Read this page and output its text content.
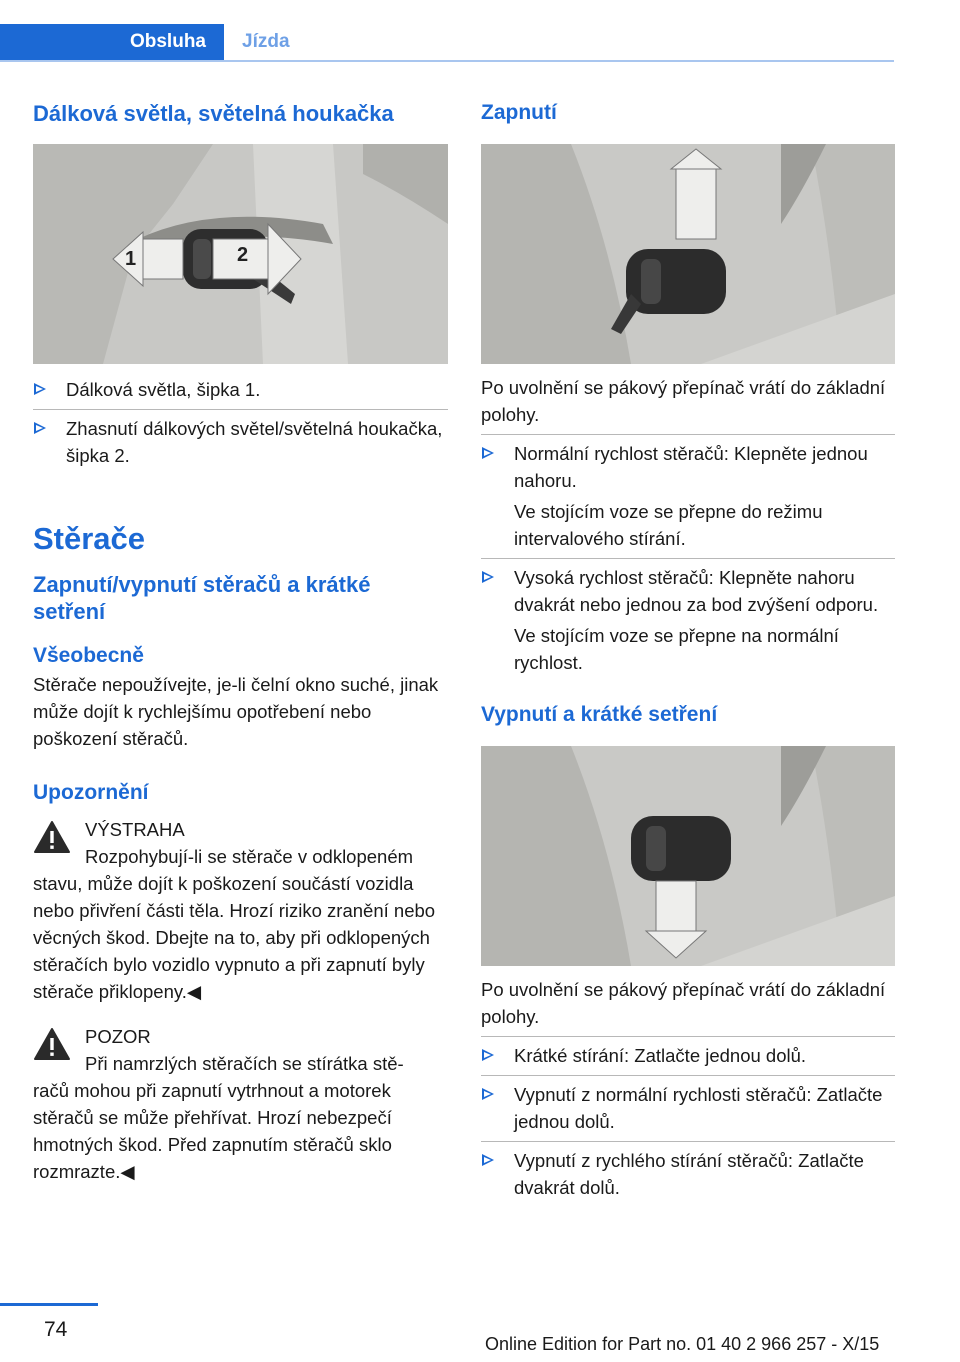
Obsluha	Jízda
Dálková světla, světelná houkačka
1	2
Dálková světla, šipka 1.
Zhasnutí dálkových světel/světelná houkačka, šipka 2.
Stěrače
Zapnutí/vypnutí stěračů a krátké setření
Všeobecně

Stěrače nepoužívejte, je-li čelní okno suché, jinak může dojít k rychlejšímu opotřebení nebo poškození stěračů.

Upozornění
VÝSTRAHA

Rozpohybují-li se stěrače v odklopeném

stavu, může dojít k poškození součástí vozidla nebo přivření části těla. Hrozí riziko zranění nebo věcných škod. Dbejte na to, aby při odklopených stěračích bylo vozidlo vypnuto a při zapnutí byly stěrače přiklopeny.◀

POZOR

Při namrzlých stěračích se stírátka stě-

račů mohou při zapnutí vytrhnout a motorek stěračů se může přehřívat. Hrozí nebezpečí hmotných škod. Před zapnutím stěračů sklo rozmrazte.◀

Zapnutí

Po uvolnění se pákový přepínač vrátí do základní polohy.

Normální rychlost stěračů: Klepněte jednou nahoru.
Ve stojícím voze se přepne do režimu intervalového stírání.
Vysoká rychlost stěračů: Klepněte nahoru dvakrát nebo jednou za bod zvýšení odporu.
Ve stojícím voze se přepne na normální rychlost.
Vypnutí a krátké setření

Po uvolnění se pákový přepínač vrátí do základní polohy.

Krátké stírání: Zatlačte jednou dolů.
Vypnutí z normální rychlosti stěračů: Zatlačte jednou dolů.
Vypnutí z rychlého stírání stěračů: Zatlačte dvakrát dolů.
74
Online Edition for Part no. 01 40 2 966 257 - X/15
